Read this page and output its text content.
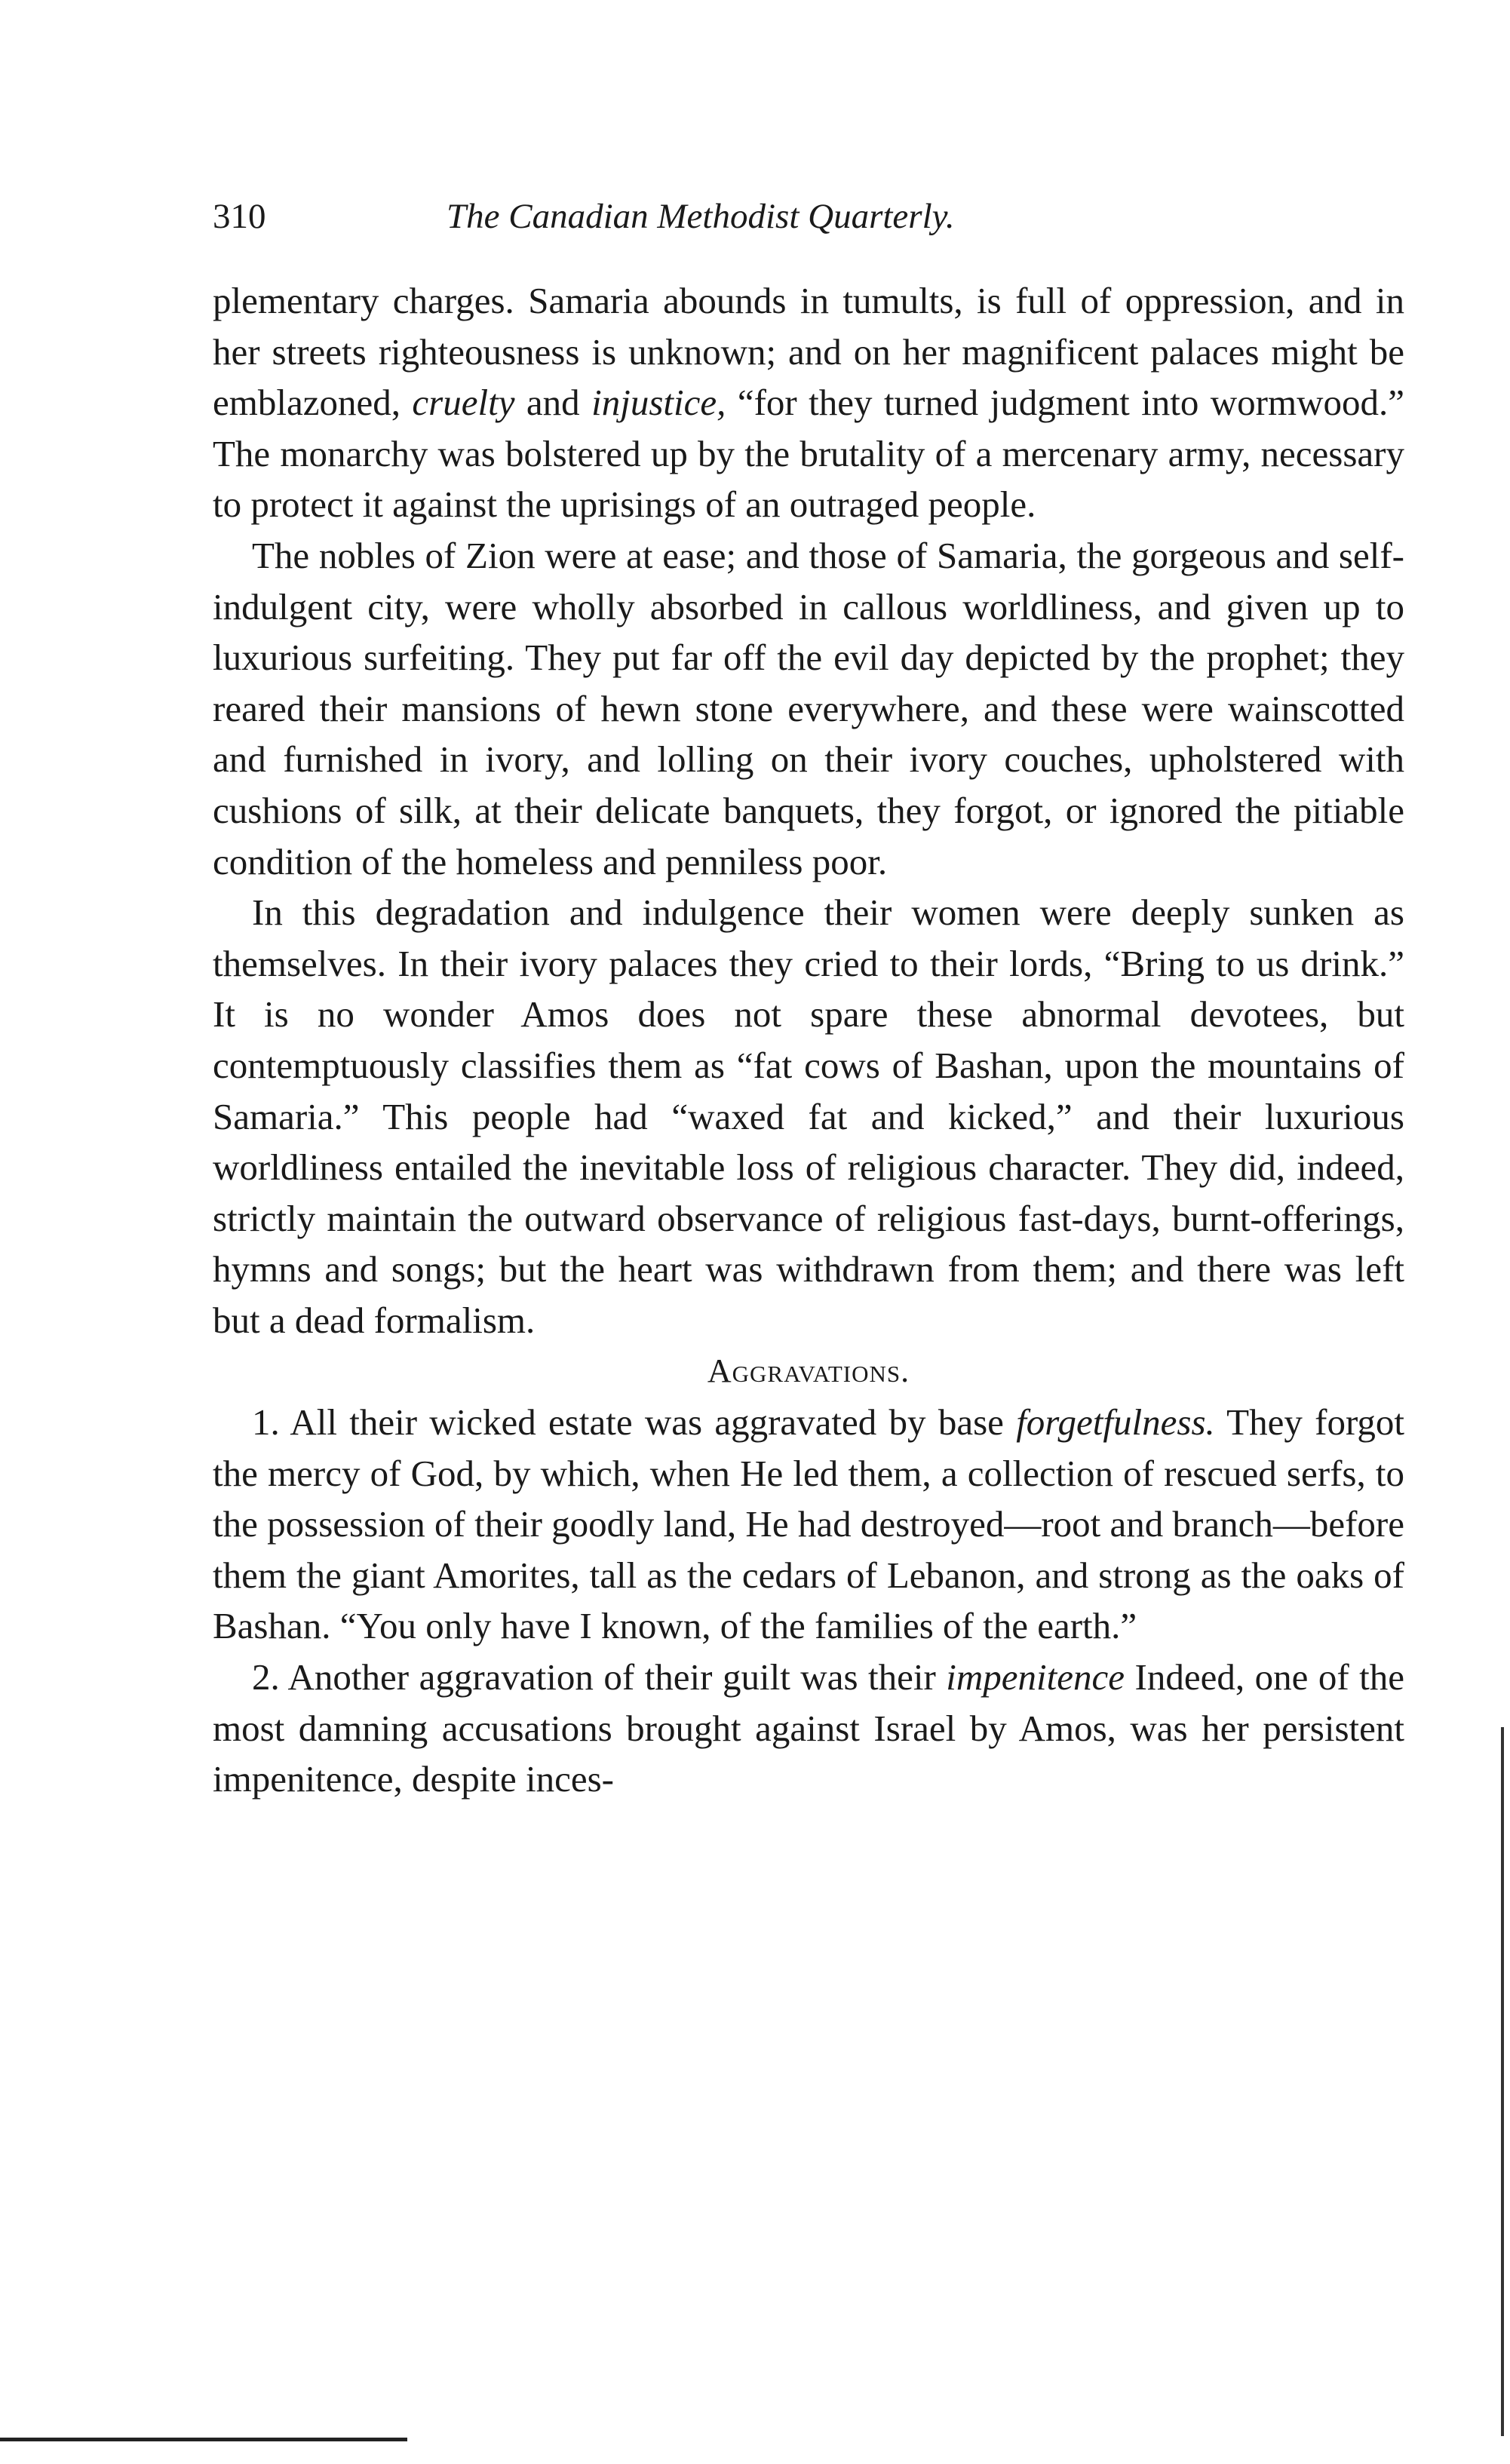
310	The Canadian Methodist Quarterly.

plementary charges. Samaria abounds in tumults, is full of oppression, and in her streets righteousness is unknown; and on her magnificent palaces might be emblazoned, cruelty and injustice, “for they turned judgment into wormwood.” The monarchy was bolstered up by the brutality of a mercenary army, necessary to protect it against the uprisings of an outraged people.

The nobles of Zion were at ease; and those of Samaria, the gorgeous and self-indulgent city, were wholly absorbed in callous worldliness, and given up to luxurious surfeiting. They put far off the evil day depicted by the prophet; they reared their mansions of hewn stone everywhere, and these were wainscotted and furnished in ivory, and lolling on their ivory couches, upholstered with cushions of silk, at their delicate banquets, they forgot, or ignored the pitiable condition of the homeless and penniless poor.

In this degradation and indulgence their women were deeply sunken as themselves. In their ivory palaces they cried to their lords, “Bring to us drink.” It is no wonder Amos does not spare these abnormal devotees, but contemptuously classifies them as “fat cows of Bashan, upon the mountains of Samaria.” This people had “waxed fat and kicked,” and their luxurious worldliness entailed the inevitable loss of religious character. They did, indeed, strictly maintain the outward observance of religious fast-days, burnt-offerings, hymns and songs; but the heart was withdrawn from them; and there was left but a dead formalism.

Aggravations.

1. All their wicked estate was aggravated by base forgetfulness. They forgot the mercy of God, by which, when He led them, a collection of rescued serfs, to the possession of their goodly land, He had destroyed—root and branch—before them the giant Amorites, tall as the cedars of Lebanon, and strong as the oaks of Bashan. “You only have I known, of the families of the earth.”

2. Another aggravation of their guilt was their impenitence Indeed, one of the most damning accusations brought against Israel by Amos, was her persistent impenitence, despite inces-
